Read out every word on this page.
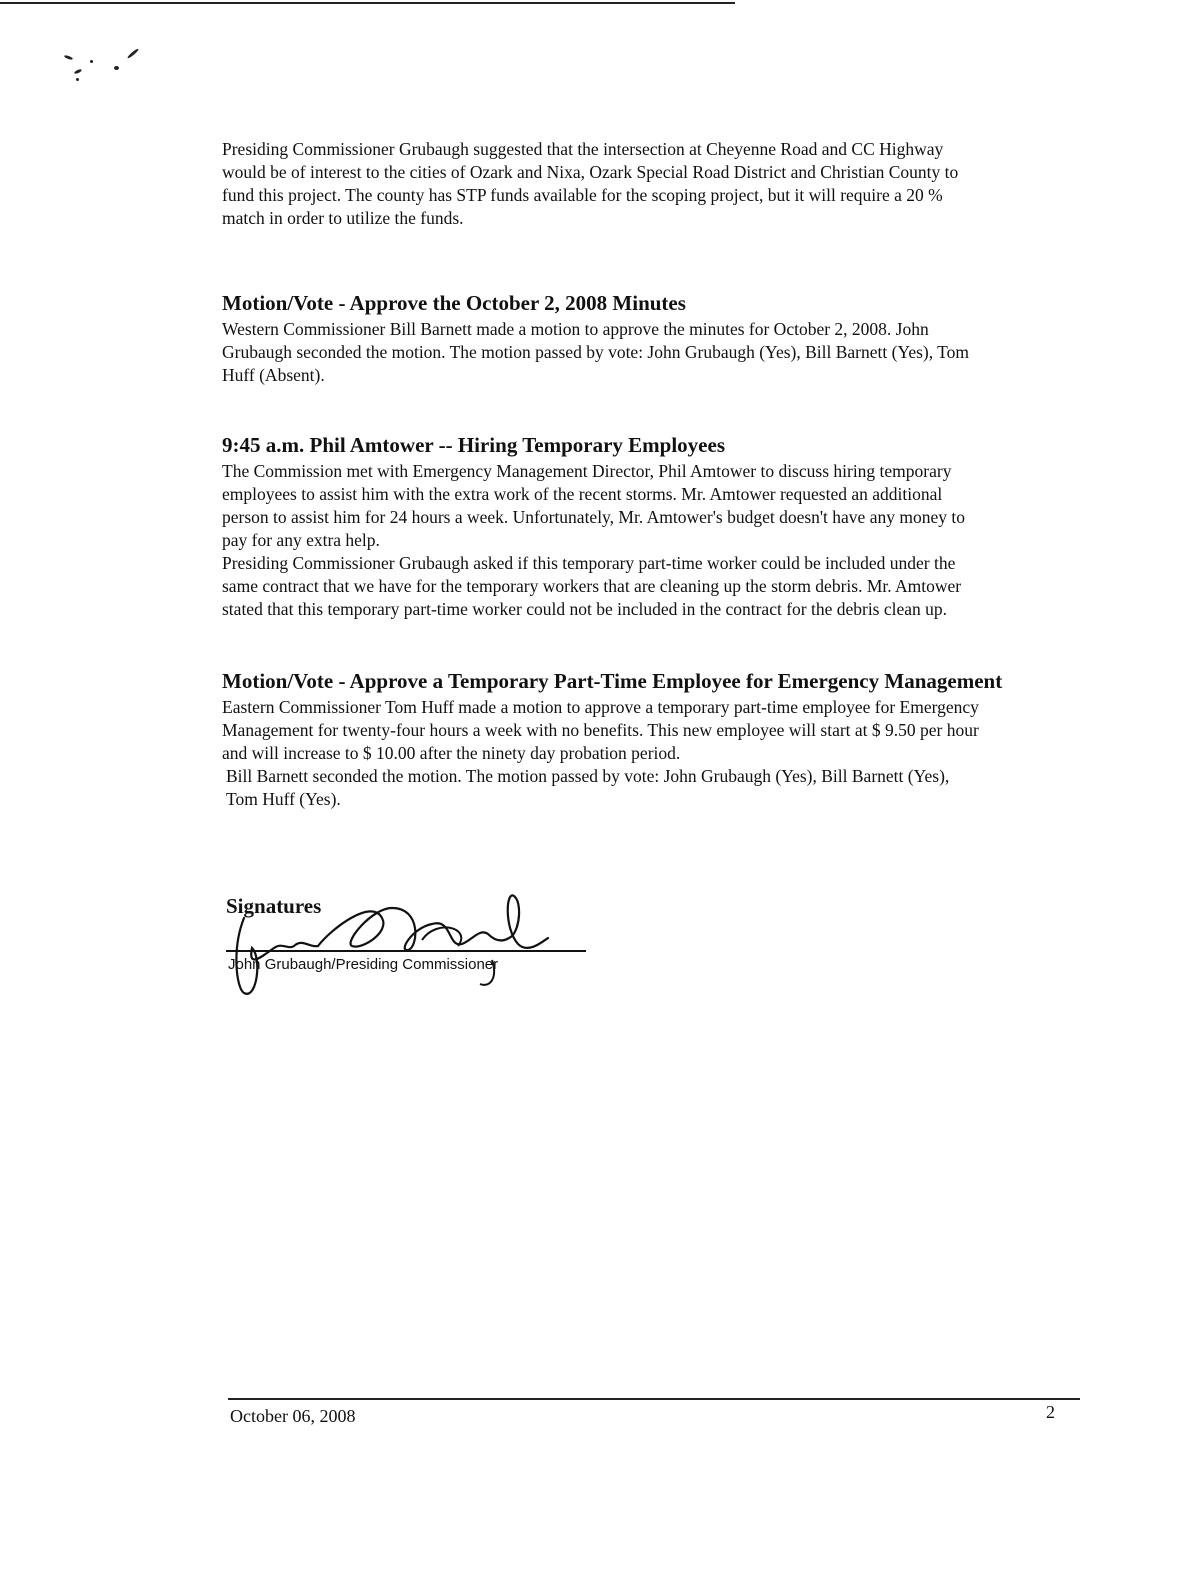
Presiding Commissioner Grubaugh suggested that the intersection at Cheyenne Road and CC Highway
would be of interest to the cities of Ozark and Nixa, Ozark Special Road District and Christian County to
fund this project. The county has STP funds available for the scoping project, but it will require a 20 %
match in order to utilize the funds.

Motion/Vote - Approve the October 2, 2008 Minutes

Western Commissioner Bill Barnett made a motion to approve the minutes for October 2, 2008. John
Grubaugh seconded the motion. The motion passed by vote: John Grubaugh (Yes), Bill Barnett (Yes), Tom
Huff (Absent).

9:45 a.m. Phil Amtower -- Hiring Temporary Employees

The Commission met with Emergency Management Director, Phil Amtower to discuss hiring temporary
employees to assist him with the extra work of the recent storms. Mr. Amtower requested an additional
person to assist him for 24 hours a week. Unfortunately, Mr. Amtower's budget doesn't have any money to
pay for any extra help.

Presiding Commissioner Grubaugh asked if this temporary part-time worker could be included under the
same contract that we have for the temporary workers that are cleaning up the storm debris. Mr. Amtower
stated that this temporary part-time worker could not be included in the contract for the debris clean up.

Motion/Vote - Approve a Temporary Part-Time Employee for Emergency Management

Eastern Commissioner Tom Huff made a motion to approve a temporary part-time employee for Emergency
Management for twenty-four hours a week with no benefits. This new employee will start at $ 9.50 per hour
and will increase to $ 10.00 after the ninety day probation period.

Bill Barnett seconded the motion. The motion passed by vote: John Grubaugh (Yes), Bill Barnett (Yes),
Tom Huff (Yes).

Signatures
John Grubaugh/Presiding Commissioner
October 06, 2008	2
